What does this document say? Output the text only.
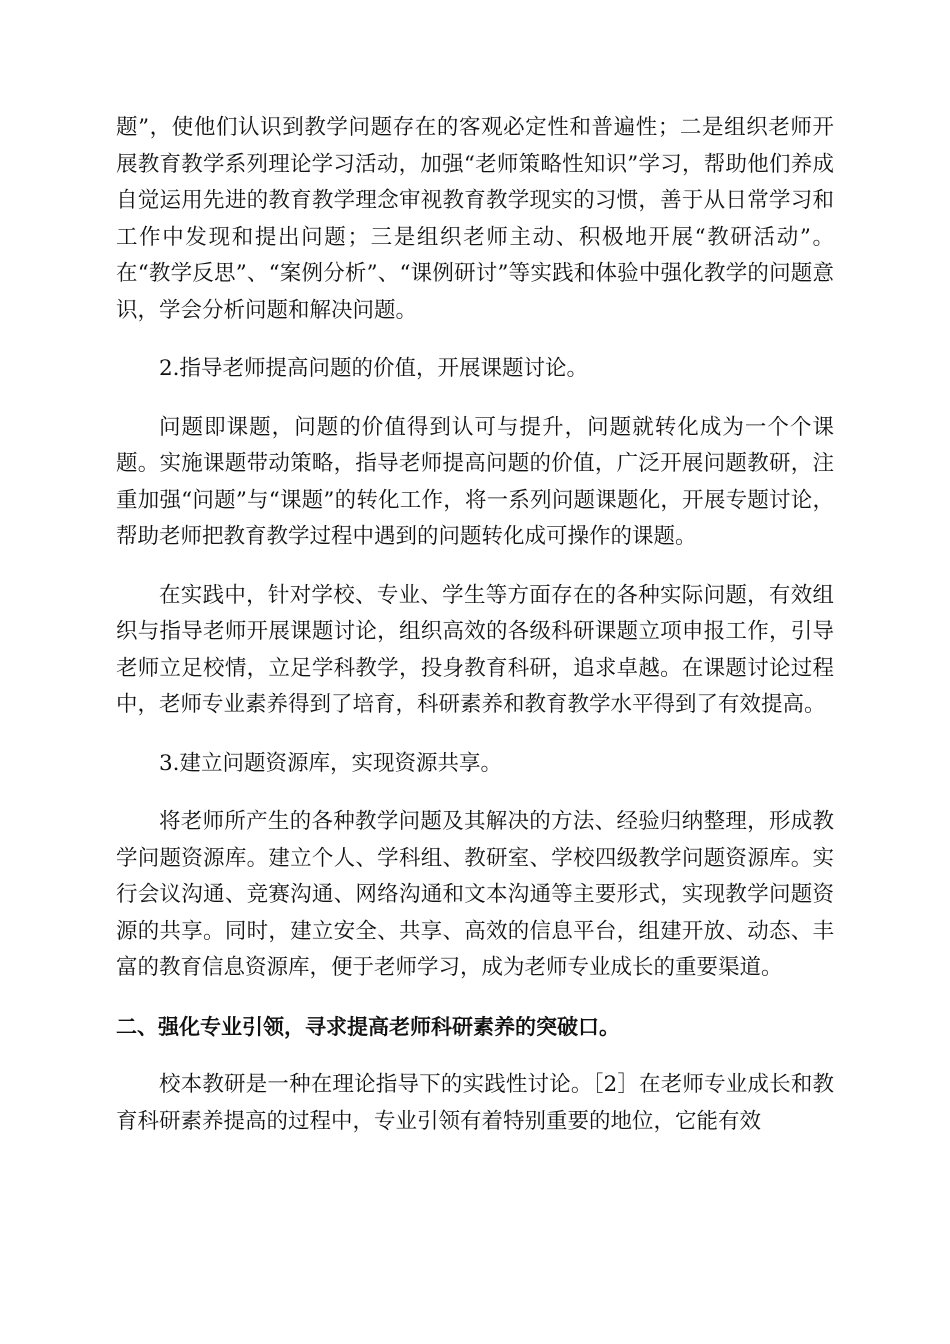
题”，使他们认识到教学问题存在的客观必定性和普遍性；二是组织老师开展教育教学系列理论学习活动，加强“老师策略性知识”学习，帮助他们养成自觉运用先进的教育教学理念审视教育教学现实的习惯，善于从日常学习和工作中发现和提出问题；三是组织老师主动、积极地开展“教研活动”。在“教学反思”、“案例分析”、“课例研讨”等实践和体验中强化教学的问题意识，学会分析问题和解决问题。

2.指导老师提高问题的价值，开展课题讨论。

问题即课题，问题的价值得到认可与提升，问题就转化成为一个个课题。实施课题带动策略，指导老师提高问题的价值，广泛开展问题教研，注重加强“问题”与“课题”的转化工作，将一系列问题课题化，开展专题讨论，帮助老师把教育教学过程中遇到的问题转化成可操作的课题。

在实践中，针对学校、专业、学生等方面存在的各种实际问题，有效组织与指导老师开展课题讨论，组织高效的各级科研课题立项申报工作，引导老师立足校情，立足学科教学，投身教育科研，追求卓越。在课题讨论过程中，老师专业素养得到了培育，科研素养和教育教学水平得到了有效提高。

3.建立问题资源库，实现资源共享。

将老师所产生的各种教学问题及其解决的方法、经验归纳整理，形成教学问题资源库。建立个人、学科组、教研室、学校四级教学问题资源库。实行会议沟通、竞赛沟通、网络沟通和文本沟通等主要形式，实现教学问题资源的共享。同时，建立安全、共享、高效的信息平台，组建开放、动态、丰富的教育信息资源库，便于老师学习，成为老师专业成长的重要渠道。

二、强化专业引领，寻求提高老师科研素养的突破口。

校本教研是一种在理论指导下的实践性讨论。［2］在老师专业成长和教育科研素养提高的过程中，专业引领有着特别重要的地位，它能有效
